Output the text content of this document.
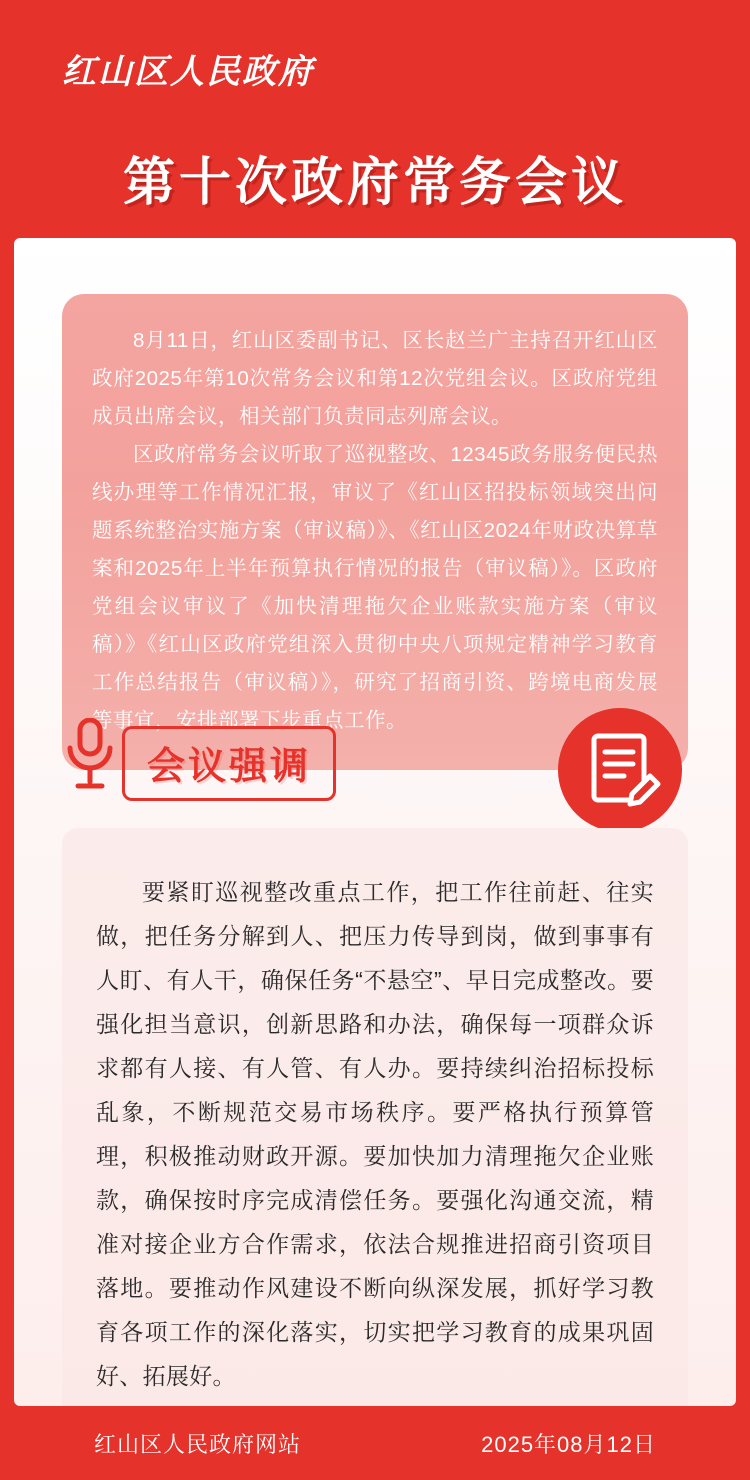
红山区人民政府
第十次政府常务会议

8月11日，红山区委副书记、区长赵兰广主持召开红山区政府2025年第10次常务会议和第12次党组会议。区政府党组成员出席会议，相关部门负责同志列席会议。

区政府常务会议听取了巡视整改、12345政务服务便民热线办理等工作情况汇报，审议了《红山区招投标领域突出问题系统整治实施方案（审议稿）》、《红山区2024年财政决算草案和2025年上半年预算执行情况的报告（审议稿）》。区政府党组会议审议了《加快清理拖欠企业账款实施方案（审议稿）》《红山区政府党组深入贯彻中央八项规定精神学习教育工作总结报告（审议稿）》，研究了招商引资、跨境电商发展等事宜，安排部署下步重点工作。

会议强调

要紧盯巡视整改重点工作，把工作往前赶、往实做，把任务分解到人、把压力传导到岗，做到事事有人盯、有人干，确保任务“不悬空”、早日完成整改。要强化担当意识，创新思路和办法，确保每一项群众诉求都有人接、有人管、有人办。要持续纠治招标投标乱象，不断规范交易市场秩序。要严格执行预算管理，积极推动财政开源。要加快加力清理拖欠企业账款，确保按时序完成清偿任务。要强化沟通交流，精准对接企业方合作需求，依法合规推进招商引资项目落地。要推动作风建设不断向纵深发展，抓好学习教育各项工作的深化落实，切实把学习教育的成果巩固好、拓展好。

红山区人民政府网站	2025年08月12日
